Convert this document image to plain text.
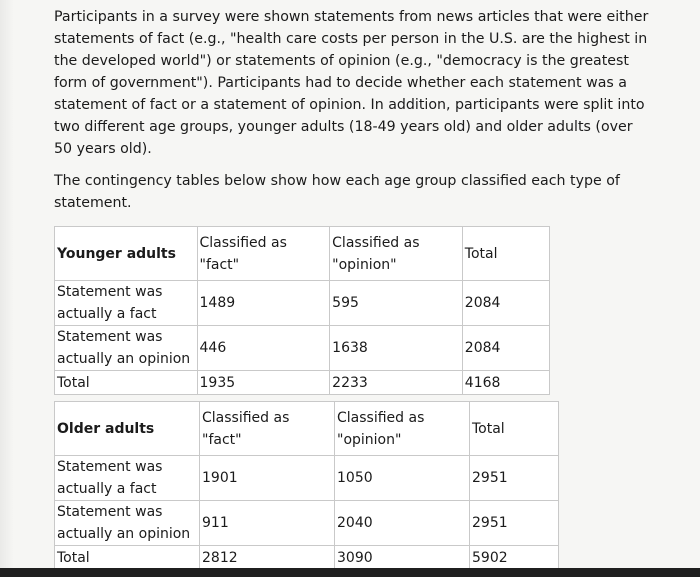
Participants in a survey were shown statements from news articles that were either statements of fact (e.g., "health care costs per person in the U.S. are the highest in the developed world") or statements of opinion (e.g., "democracy is the greatest form of government"). Participants had to decide whether each statement was a statement of fact or a statement of opinion. In addition, participants were split into two different age groups, younger adults (18-49 years old) and older adults (over 50 years old).

The contingency tables below show how each age group classified each type of statement.

Younger adults	Classified as "fact"	Classified as "opinion"	Total
Statement was actually a fact	1489	595	2084
Statement was actually an opinion	446	1638	2084
Total	1935	2233	4168
Older adults	Classified as "fact"	Classified as "opinion"	Total
Statement was actually a fact	1901	1050	2951
Statement was actually an opinion	911	2040	2951
Total	2812	3090	5902
